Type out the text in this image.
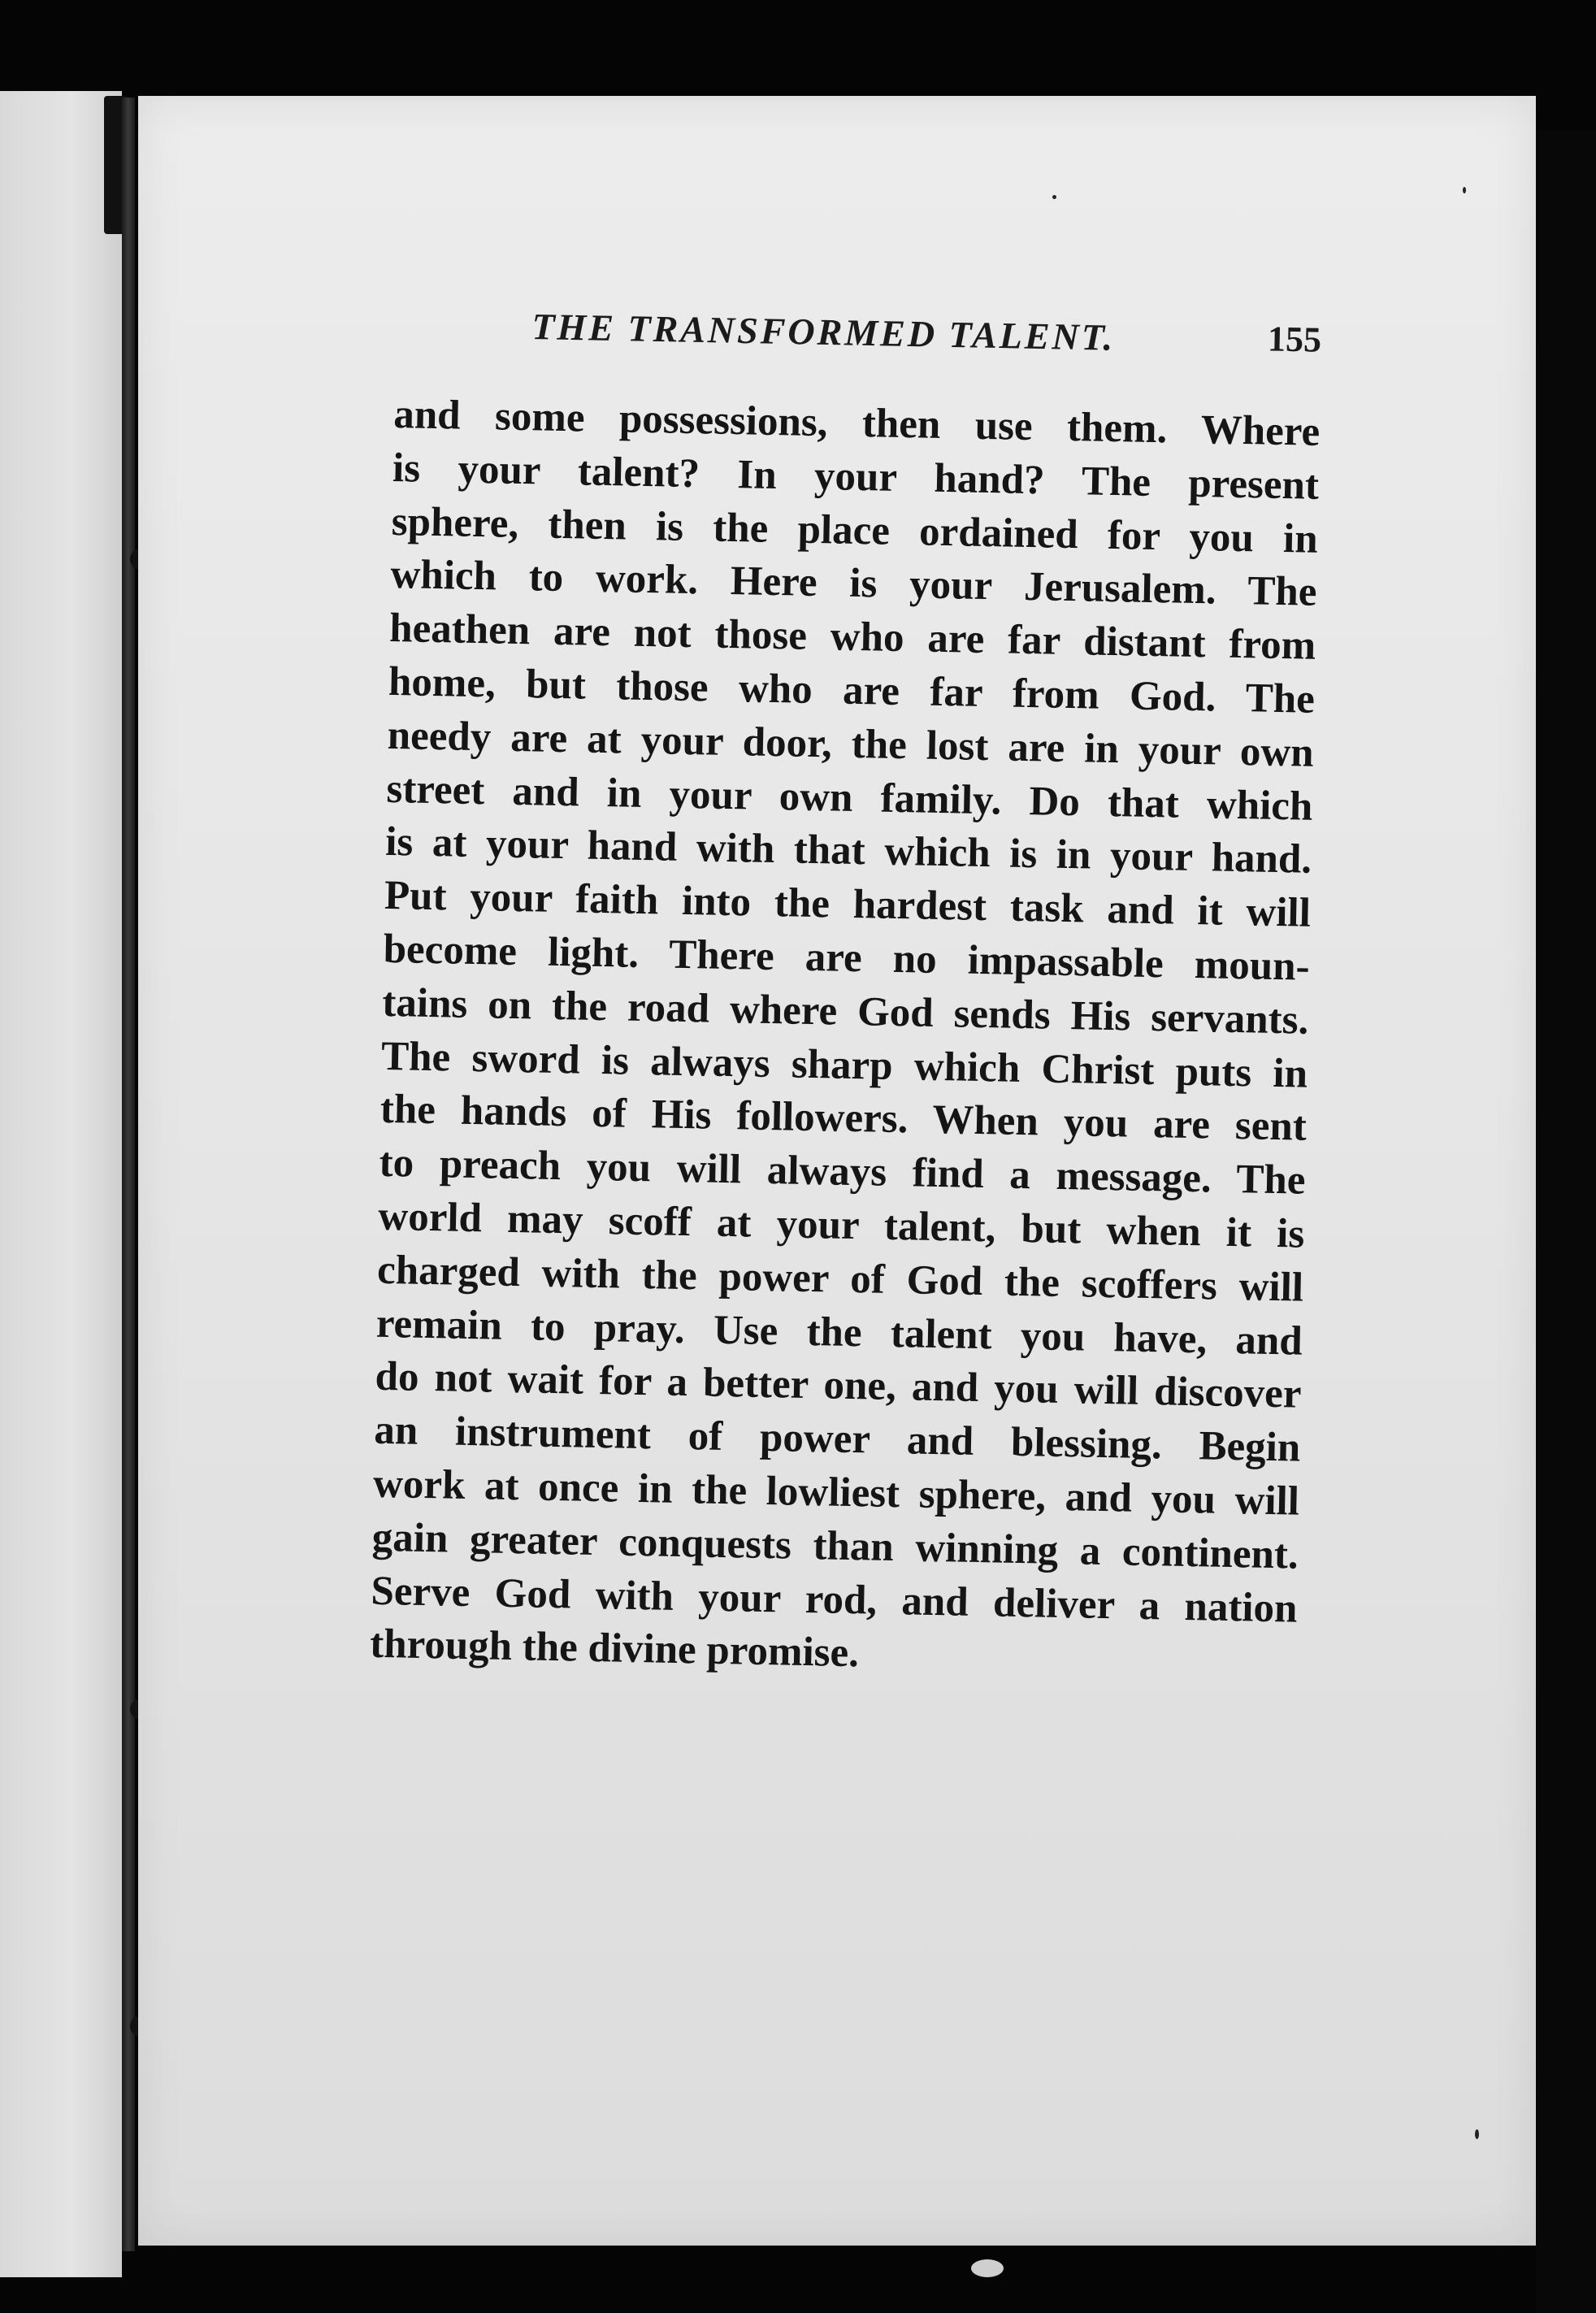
THE TRANSFORMED TALENT.	155
and some possessions, then use them. Where
is your talent? In your hand? The present
sphere, then is the place ordained for you in
which to work. Here is your Jerusalem. The
heathen are not those who are far distant from
home, but those who are far from God. The
needy are at your door, the lost are in your own
street and in your own family. Do that which
is at your hand with that which is in your hand.
Put your faith into the hardest task and it will
become light. There are no impassable moun-
tains on the road where God sends His servants.
The sword is always sharp which Christ puts in
the hands of His followers. When you are sent
to preach you will always find a message. The
world may scoff at your talent, but when it is
charged with the power of God the scoffers will
remain to pray. Use the talent you have, and
do not wait for a better one, and you will discover
an instrument of power and blessing. Begin
work at once in the lowliest sphere, and you will
gain greater conquests than winning a continent.
Serve God with your rod, and deliver a nation
through the divine promise.
